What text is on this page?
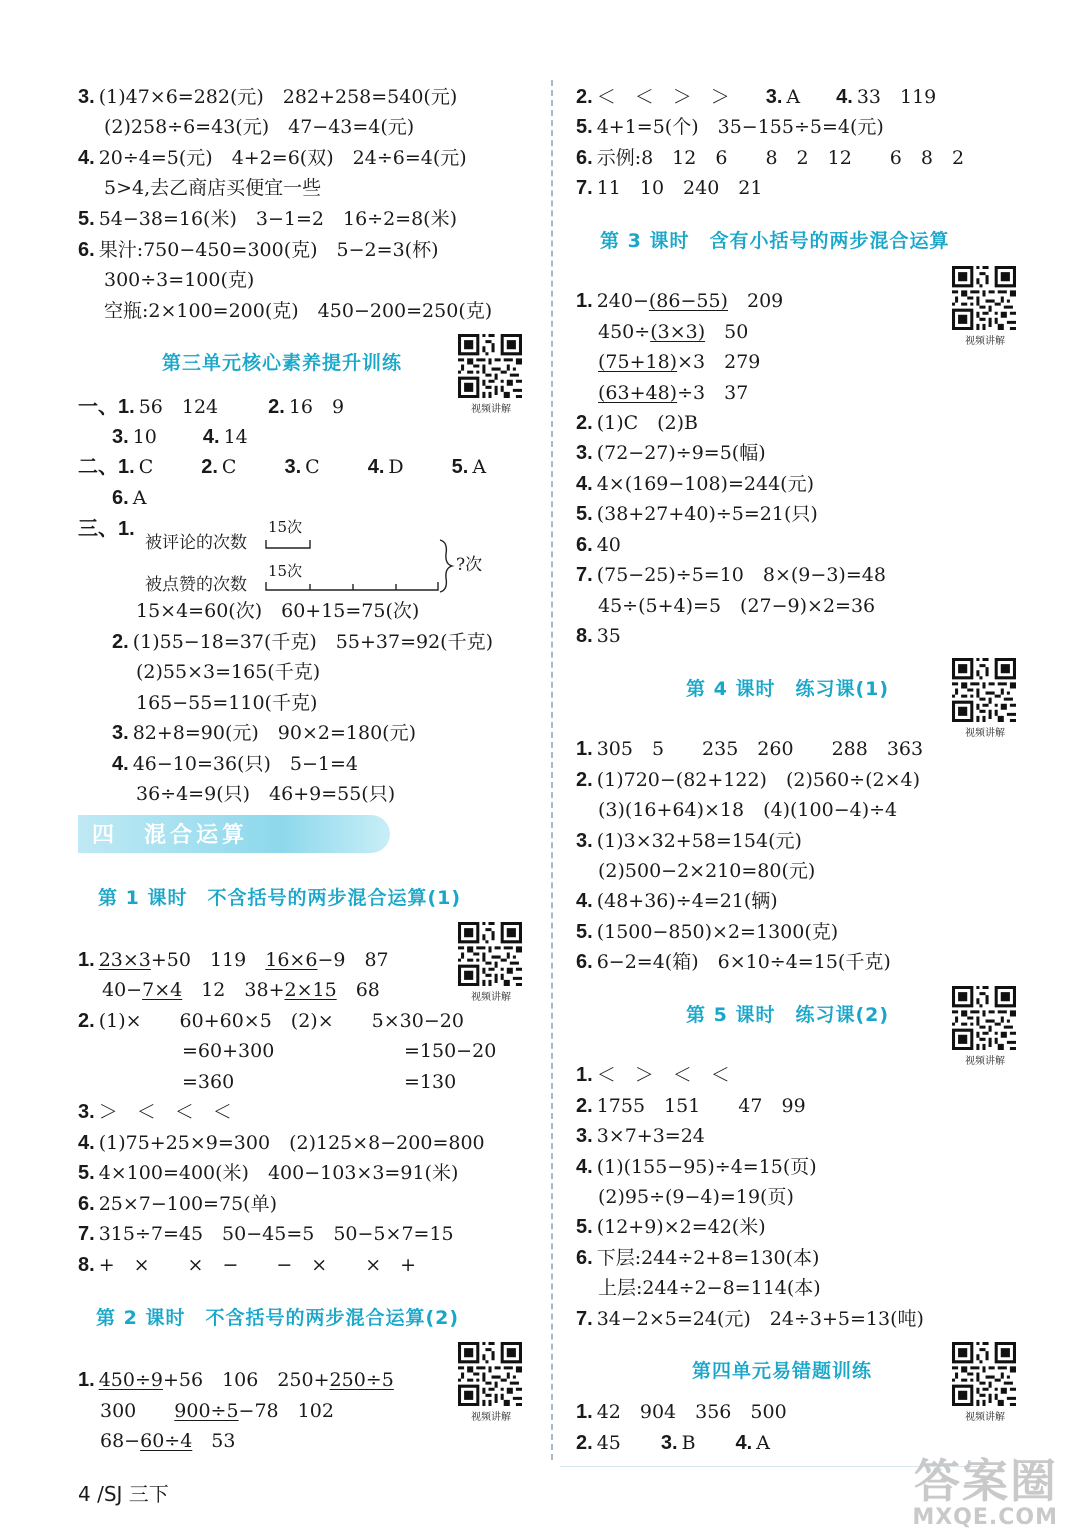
3. (1)47×6=282(元)　282+258=540(元)
(2)258÷6=43(元)　47−43=4(元)
4. 20÷4=5(元)　4+2=6(双)　24÷6=4(元)
5>4,去乙商店买便宜一些
5. 54−38=16(米)　3−1=2　16÷2=8(米)
6. 果汁:750−450=300(克)　5−2=3(杯)
300÷3=100(克)
空瓶:2×100=200(克)　450−200=250(克)
第三单元核心素养提升训练
视频讲解
一、1. 56　124	2. 16　9
3. 10 4. 14
二、1. C 2. C 3. C 4. D 5. A
6. A
三、1.
被评论的次数
被点赞的次数
15次
15次	?次
15×4=60(次)　60+15=75(次)
2. (1)55−18=37(千克)　55+37=92(千克)
(2)55×3=165(千克)
165−55=110(千克)
3. 82+8=90(元)　90×2=180(元)
4. 46−10=36(只)　5−1=4
36÷4=9(只)　46+9=55(只)
四　混合运算
第 1 课时　不含括号的两步混合运算(1)
视频讲解
1. 23×3+50　119　16×6−9　87
40−7×4　12　38+2×15　68
2. (1)×　　60+60×5　(2)×　　5×30−20
=60+300	=150−20
=360	=130
3. ＞　＜　＜　＜
4. (1)75+25×9=300　(2)125×8−200=800
5. 4×100=400(米)　400−103×3=91(米)
6. 25×7−100=75(单)
7. 315÷7=45　50−45=5　50−5×7=15
8. +　×　　×　−　　−　×　　×　+
第 2 课时　不含括号的两步混合运算(2)
视频讲解
1. 450÷9+56　106　250+250÷5
300　　900÷5−78　102
68−60÷4　53
2. ＜　＜　＞　＞ 3. A 4. 33　119
5. 4+1=5(个)　35−155÷5=4(元)
6. 示例:8　12　6　　8　2　12　　6　8　2
7. 11　10　240　21
第 3 课时　含有小括号的两步混合运算
视频讲解
1. 240−(86−55)　209
450÷(3×3)　50
(75+18)×3　279
(63+48)÷3　37
2. (1)C　(2)B
3. (72−27)÷9=5(幅)
4. 4×(169−108)=244(元)
5. (38+27+40)÷5=21(只)
6. 40
7. (75−25)÷5=10　8×(9−3)=48
45÷(5+4)=5　(27−9)×2=36
8. 35
第 4 课时　练习课(1)
视频讲解
1. 305　5　　235　260　　288　363
2. (1)720−(82+122)　(2)560÷(2×4)
(3)(16+64)×18　(4)(100−4)÷4
3. (1)3×32+58=154(元)
(2)500−2×210=80(元)
4. (48+36)÷4=21(辆)
5. (1500−850)×2=1300(克)
6. 6−2=4(箱)　6×10÷4=15(千克)
第 5 课时　练习课(2)
视频讲解
1. ＜　＞　＜　＜
2. 1755　151　　47　99
3. 3×7+3=24
4. (1)(155−95)÷4=15(页)
(2)95÷(9−4)=19(页)
5. (12+9)×2=42(米)
6. 下层:244÷2+8=130(本)
上层:244÷2−8=114(本)
7. 34−2×5=24(元)　24÷3+5=13(吨)
第四单元易错题训练
视频讲解
1. 42　904　356　500
2. 45 3. B 4. A
4 /SJ 三下	答案圈
MXQE.COM
